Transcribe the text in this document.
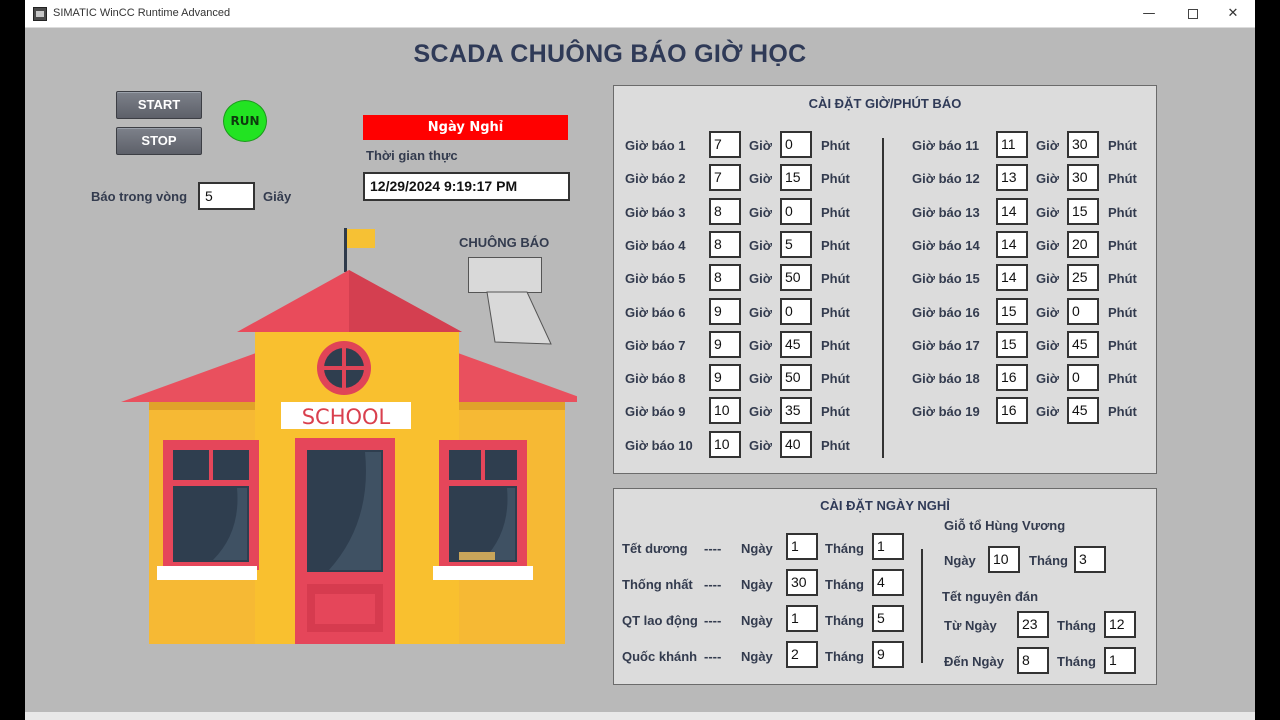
SIMATIC WinCC Runtime Advanced	—	✕
SCADA CHUÔNG BÁO GIỜ HỌC
START
STOP
RUN
Báo trong vòng	5	Giây
Ngày Nghỉ
Thời gian thực
12/29/2024 9:19:17 PM
CHUÔNG BÁO
SCHOOL
CÀI ĐẶT GIỜ/PHÚT BÁO
Giờ báo 1	7	Giờ 0	Phút
Giờ báo 2	7	Giờ 15	Phút
Giờ báo 3	8	Giờ 0	Phút
Giờ báo 4	8	Giờ 5	Phút
Giờ báo 5	8	Giờ 50	Phút
Giờ báo 6	9	Giờ 0	Phút
Giờ báo 7	9	Giờ 45	Phút
Giờ báo 8	9	Giờ 50	Phút
Giờ báo 9	10	Giờ 35	Phút
Giờ báo 10	10	Giờ 40	Phút
Giờ báo 11	11	Giờ 30	Phút
Giờ báo 12	13	Giờ 30	Phút
Giờ báo 13	14	Giờ 15	Phút
Giờ báo 14	14	Giờ 20	Phút
Giờ báo 15	14	Giờ 25	Phút
Giờ báo 16	15	Giờ 0	Phút
Giờ báo 17	15	Giờ 45	Phút
Giờ báo 18	16	Giờ 0	Phút
Giờ báo 19	16	Giờ 45	Phút
CÀI ĐẶT NGÀY NGHỈ
Tết dương ---- Ngày	1	Tháng 1
Thống nhất ---- Ngày	30	Tháng 4
QT lao động ---- Ngày	1	Tháng 5
Quốc khánh ---- Ngày	2	Tháng 9
Giỗ tổ Hùng Vương
Ngày	10	Tháng 3
Tết nguyên đán
Từ Ngày	23	Tháng 12
Đến Ngày	8	Tháng 1
